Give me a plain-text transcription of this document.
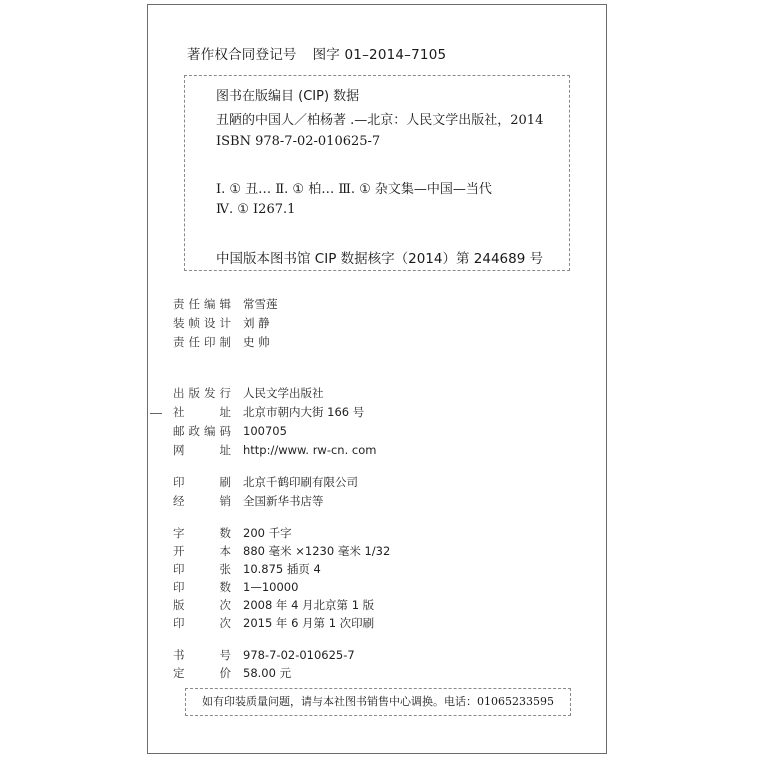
著作权合同登记号 图字 01–2014–7105
图书在版编目 (CIP) 数据
丑陋的中国人／柏杨著 .—北京：人民文学出版社，2014
ISBN 978-7-02-010625-7
Ⅰ. ① 丑… Ⅱ. ① 柏… Ⅲ. ① 杂文集—中国—当代
Ⅳ. ① I267.1
中国版本图书馆 CIP 数据核字（2014）第 244689 号
责任编辑 常雪莲
装帧设计 刘 静
责任印制 史 帅
出版发行 人民文学出版社
社址 北京市朝内大街 166 号
邮政编码 100705
网址 http://www. rw-cn. com
印刷 北京千鹤印刷有限公司
经销 全国新华书店等
字数 200 千字
开本 880 毫米 ×1230 毫米 1/32
印张 10.875 插页 4
印数 1—10000
版次 2008 年 4 月北京第 1 版
印次 2015 年 6 月第 1 次印刷
书号 978-7-02-010625-7
定价 58.00 元
如有印装质量问题，请与本社图书销售中心调换。电话：01065233595
